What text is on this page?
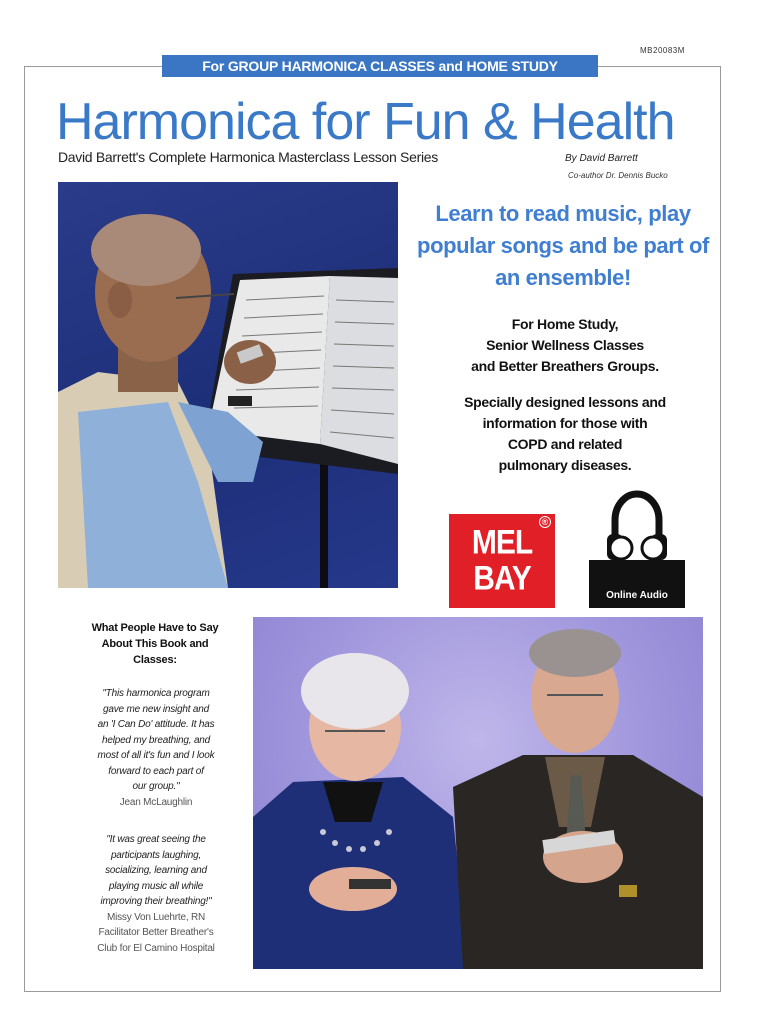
MB20083M
For GROUP HARMONICA CLASSES and HOME STUDY
Harmonica for Fun & Health
David Barrett's Complete Harmonica Masterclass Lesson Series	By David Barrett
Co-author Dr. Dennis Bucko
Learn to read music, play popular songs and be part of an ensemble!
For Home Study,
Senior Wellness Classes
and Better Breathers Groups.
Specially designed lessons and
information for those with
COPD and related
pulmonary diseases.
MEL
BAY
®
Online Audio
What People Have to Say
About This Book and
Classes:
"This harmonica program
gave me new insight and
an 'I Can Do' attitude. It has
helped my breathing, and
most of all it's fun and I look
forward to each part of
our group."
Jean McLaughlin
"It was great seeing the
participants laughing,
socializing, learning and
playing music all while
improving their breathing!"
Missy Von Luehrte, RN
Facilitator Better Breather's
Club for El Camino Hospital
